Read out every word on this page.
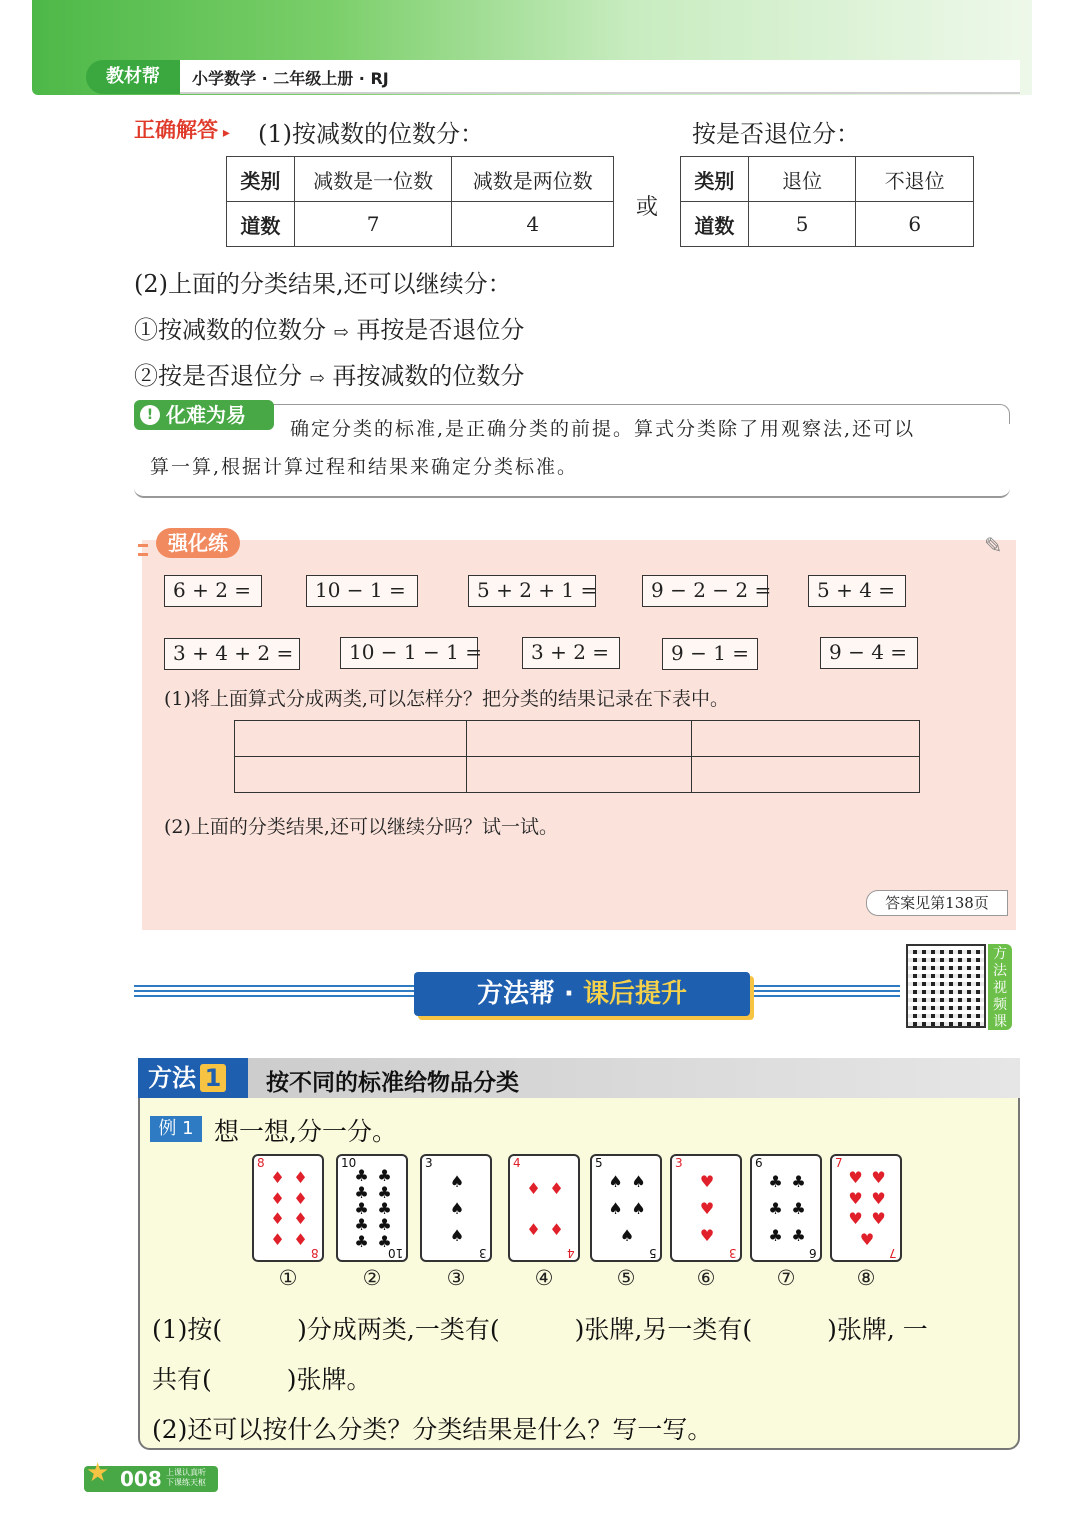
教材帮	小学数学 · 二年级上册 · RJ
正确解答 ▸ (1)按减数的位数分：	按是否退位分：
类别	减数是一位数	减数是两位数
道数	7	4
或
类别	退位	不退位
道数	5	6
(2)上面的分类结果,还可以继续分：
①按减数的位数分 ⇨ 再按是否退位分
②按是否退位分 ⇨ 再按减数的位数分
! 化难为易
确定分类的标准,是正确分类的前提。算式分类除了用观察法,还可以
算一算,根据计算过程和结果来确定分类标准。
强化练	✎
6 + 2 =	10 − 1 =	5 + 2 + 1 =	9 − 2 − 2 =	5 + 4 =
3 + 4 + 2 =	10 − 1 − 1 =	3 + 2 =	9 − 1 =	9 − 4 =
(1)将上面算式分成两类,可以怎样分？把分类的结果记录在下表中。

(2)上面的分类结果,还可以继续分吗？试一试。
答案见第138页
方法帮 · 课后提升
方法视频课
方法 1	按不同的标准给物品分类
例 1 想一想,分一分。
8
8
♦ ♦
♦ ♦
♦ ♦
♦ ♦
①
10
10
♣ ♣
♣ ♣
♣ ♣
♣ ♣
♣ ♣
②
3
3
♠
♠
♠
③
4
4
♦ ♦
♦ ♦
④
5
5
♠ ♠
♠ ♠
♠
⑤
3
3
♥
♥
♥
⑥
6
6
♣ ♣
♣ ♣
♣ ♣
⑦
7
7
♥ ♥
♥ ♥
♥ ♥
♥
⑧
(1)按(　　　)分成两类,一类有(　　　)张牌,另一类有(　　　)张牌, 一
共有(　　　)张牌。
(2)还可以按什么分类？分类结果是什么？写一写。
★ 008 上课认真听
下课练天枢
